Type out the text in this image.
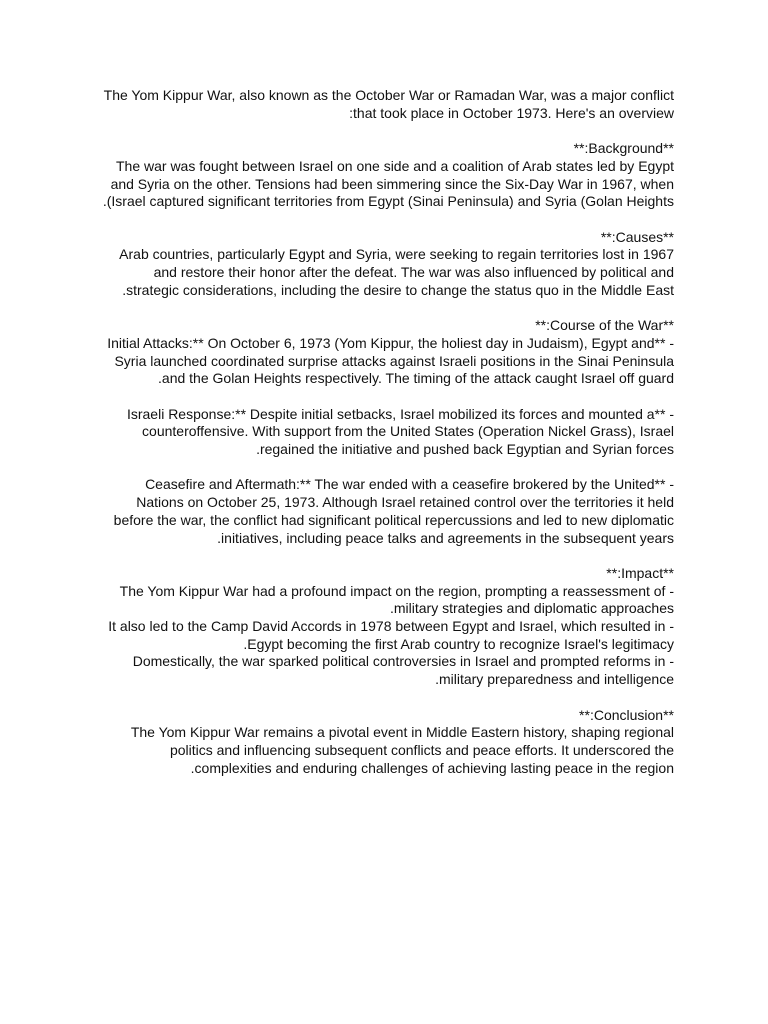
The Yom Kippur War, also known as the October War or Ramadan War, was a major conflict
:that took place in October 1973. Here's an overview
**:Background**
The war was fought between Israel on one side and a coalition of Arab states led by Egypt
and Syria on the other. Tensions had been simmering since the Six-Day War in 1967, when
.(Israel captured significant territories from Egypt (Sinai Peninsula) and Syria (Golan Heights
**:Causes**
Arab countries, particularly Egypt and Syria, were seeking to regain territories lost in 1967
and restore their honor after the defeat. The war was also influenced by political and
.strategic considerations, including the desire to change the status quo in the Middle East
**:Course of the War**
Initial Attacks:** On October 6, 1973 (Yom Kippur, the holiest day in Judaism), Egypt and** -
Syria launched coordinated surprise attacks against Israeli positions in the Sinai Peninsula
.and the Golan Heights respectively. The timing of the attack caught Israel off guard
Israeli Response:** Despite initial setbacks, Israel mobilized its forces and mounted a** -
counteroffensive. With support from the United States (Operation Nickel Grass), Israel
.regained the initiative and pushed back Egyptian and Syrian forces
Ceasefire and Aftermath:** The war ended with a ceasefire brokered by the United** -
Nations on October 25, 1973. Although Israel retained control over the territories it held
before the war, the conflict had significant political repercussions and led to new diplomatic
.initiatives, including peace talks and agreements in the subsequent years
**:Impact**
The Yom Kippur War had a profound impact on the region, prompting a reassessment of -
.military strategies and diplomatic approaches
It also led to the Camp David Accords in 1978 between Egypt and Israel, which resulted in -
.Egypt becoming the first Arab country to recognize Israel's legitimacy
Domestically, the war sparked political controversies in Israel and prompted reforms in -
.military preparedness and intelligence
**:Conclusion**
The Yom Kippur War remains a pivotal event in Middle Eastern history, shaping regional
politics and influencing subsequent conflicts and peace efforts. It underscored the
.complexities and enduring challenges of achieving lasting peace in the region
